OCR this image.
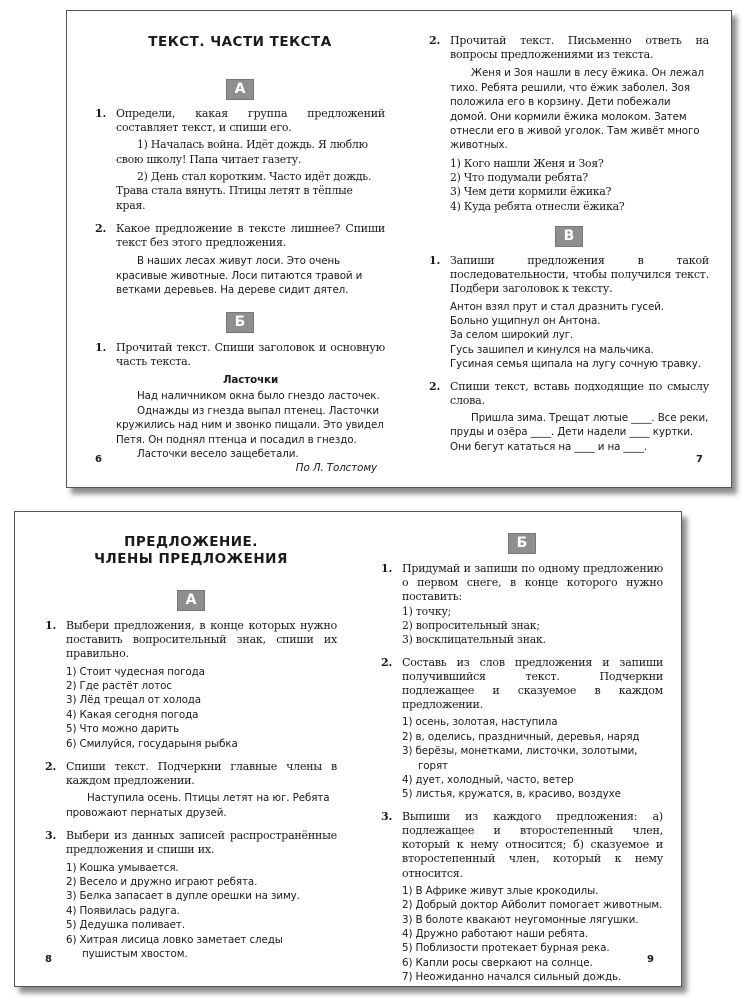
ТЕКСТ. ЧАСТИ ТЕКСТА
А
1. Определи, какая группа предложений составляет текст, и спиши его.
1) Началась война. Идёт дождь. Я люблю свою школу! Папа читает газету.
2) День стал коротким. Часто идёт дождь. Трава стала вянуть. Птицы летят в тёплые края.
2. Какое предложение в тексте лишнее? Спиши текст без этого предложения.
В наших лесах живут лоси. Это очень красивые животные. Лоси питаются травой и ветками деревьев. На дереве сидит дятел.
Б
1. Прочитай текст. Спиши заголовок и основную часть текста.
Ласточки
Над наличником окна было гнездо ласточек.
Однажды из гнезда выпал птенец. Ласточки кружились над ним и звонко пищали. Это увидел Петя. Он поднял птенца и посадил в гнездо.
Ласточки весело защебетали.
По Л. Толстому
6
2. Прочитай текст. Письменно ответь на вопросы предложениями из текста.
Женя и Зоя нашли в лесу ёжика. Он лежал тихо. Ребята решили, что ёжик заболел. Зоя положила его в корзину. Дети побежали домой. Они кормили ёжика молоком. Затем отнесли его в живой уголок. Там живёт много животных.
1) Кого нашли Женя и Зоя?
2) Что подумали ребята?
3) Чем дети кормили ёжика?
4) Куда ребята отнесли ёжика?
В
1. Запиши предложения в такой последовательности, чтобы получился текст. Подбери заголовок к тексту.
Антон взял прут и стал дразнить гусей.
Больно ущипнул он Антона.
За селом широкий луг.
Гусь зашипел и кинулся на мальчика.
Гусиная семья щипала на лугу сочную травку.
2. Спиши текст, вставь подходящие по смыслу слова.
Пришла зима. Трещат лютые ____. Все реки, пруды и озёра ____. Дети надели ____ куртки. Они бегут кататься на ____ и на ____.
7
ПРЕДЛОЖЕНИЕ.
ЧЛЕНЫ ПРЕДЛОЖЕНИЯ
А
1. Выбери предложения, в конце которых нужно поставить вопросительный знак, спиши их правильно.
1) Стоит чудесная погода
2) Где растёт лотос
3) Лёд трещал от холода
4) Какая сегодня погода
5) Что можно дарить
6) Смилуйся, государыня рыбка
2. Спиши текст. Подчеркни главные члены в каждом предложении.
Наступила осень. Птицы летят на юг. Ребята провожают пернатых друзей.
3. Выбери из данных записей распространённые предложения и спиши их.
1) Кошка умывается.
2) Весело и дружно играют ребята.
3) Белка запасает в дупле орешки на зиму.
4) Появилась радуга.
5) Дедушка поливает.
6) Хитрая лисица ловко заметает следы пушистым хвостом.
8
Б
1. Придумай и запиши по одному предложению о первом снеге, в конце которого нужно поставить:
1) точку;
2) вопросительный знак;
3) восклицательный знак.
2. Составь из слов предложения и запиши получившийся текст. Подчеркни подлежащее и сказуемое в каждом предложении.
1) осень, золотая, наступила
2) в, оделись, праздничный, деревья, наряд
3) берёзы, монетками, листочки, золотыми, горят
4) дует, холодный, часто, ветер
5) листья, кружатся, в, красиво, воздухе
3. Выпиши из каждого предложения: а) подлежащее и второстепенный член, который к нему относится; б) сказуемое и второстепенный член, который к нему относится.
1) В Африке живут злые крокодилы.
2) Добрый доктор Айболит помогает животным.
3) В болоте квакают неугомонные лягушки.
4) Дружно работают наши ребята.
5) Поблизости протекает бурная река.
6) Капли росы сверкают на солнце.
7) Неожиданно начался сильный дождь.
9
